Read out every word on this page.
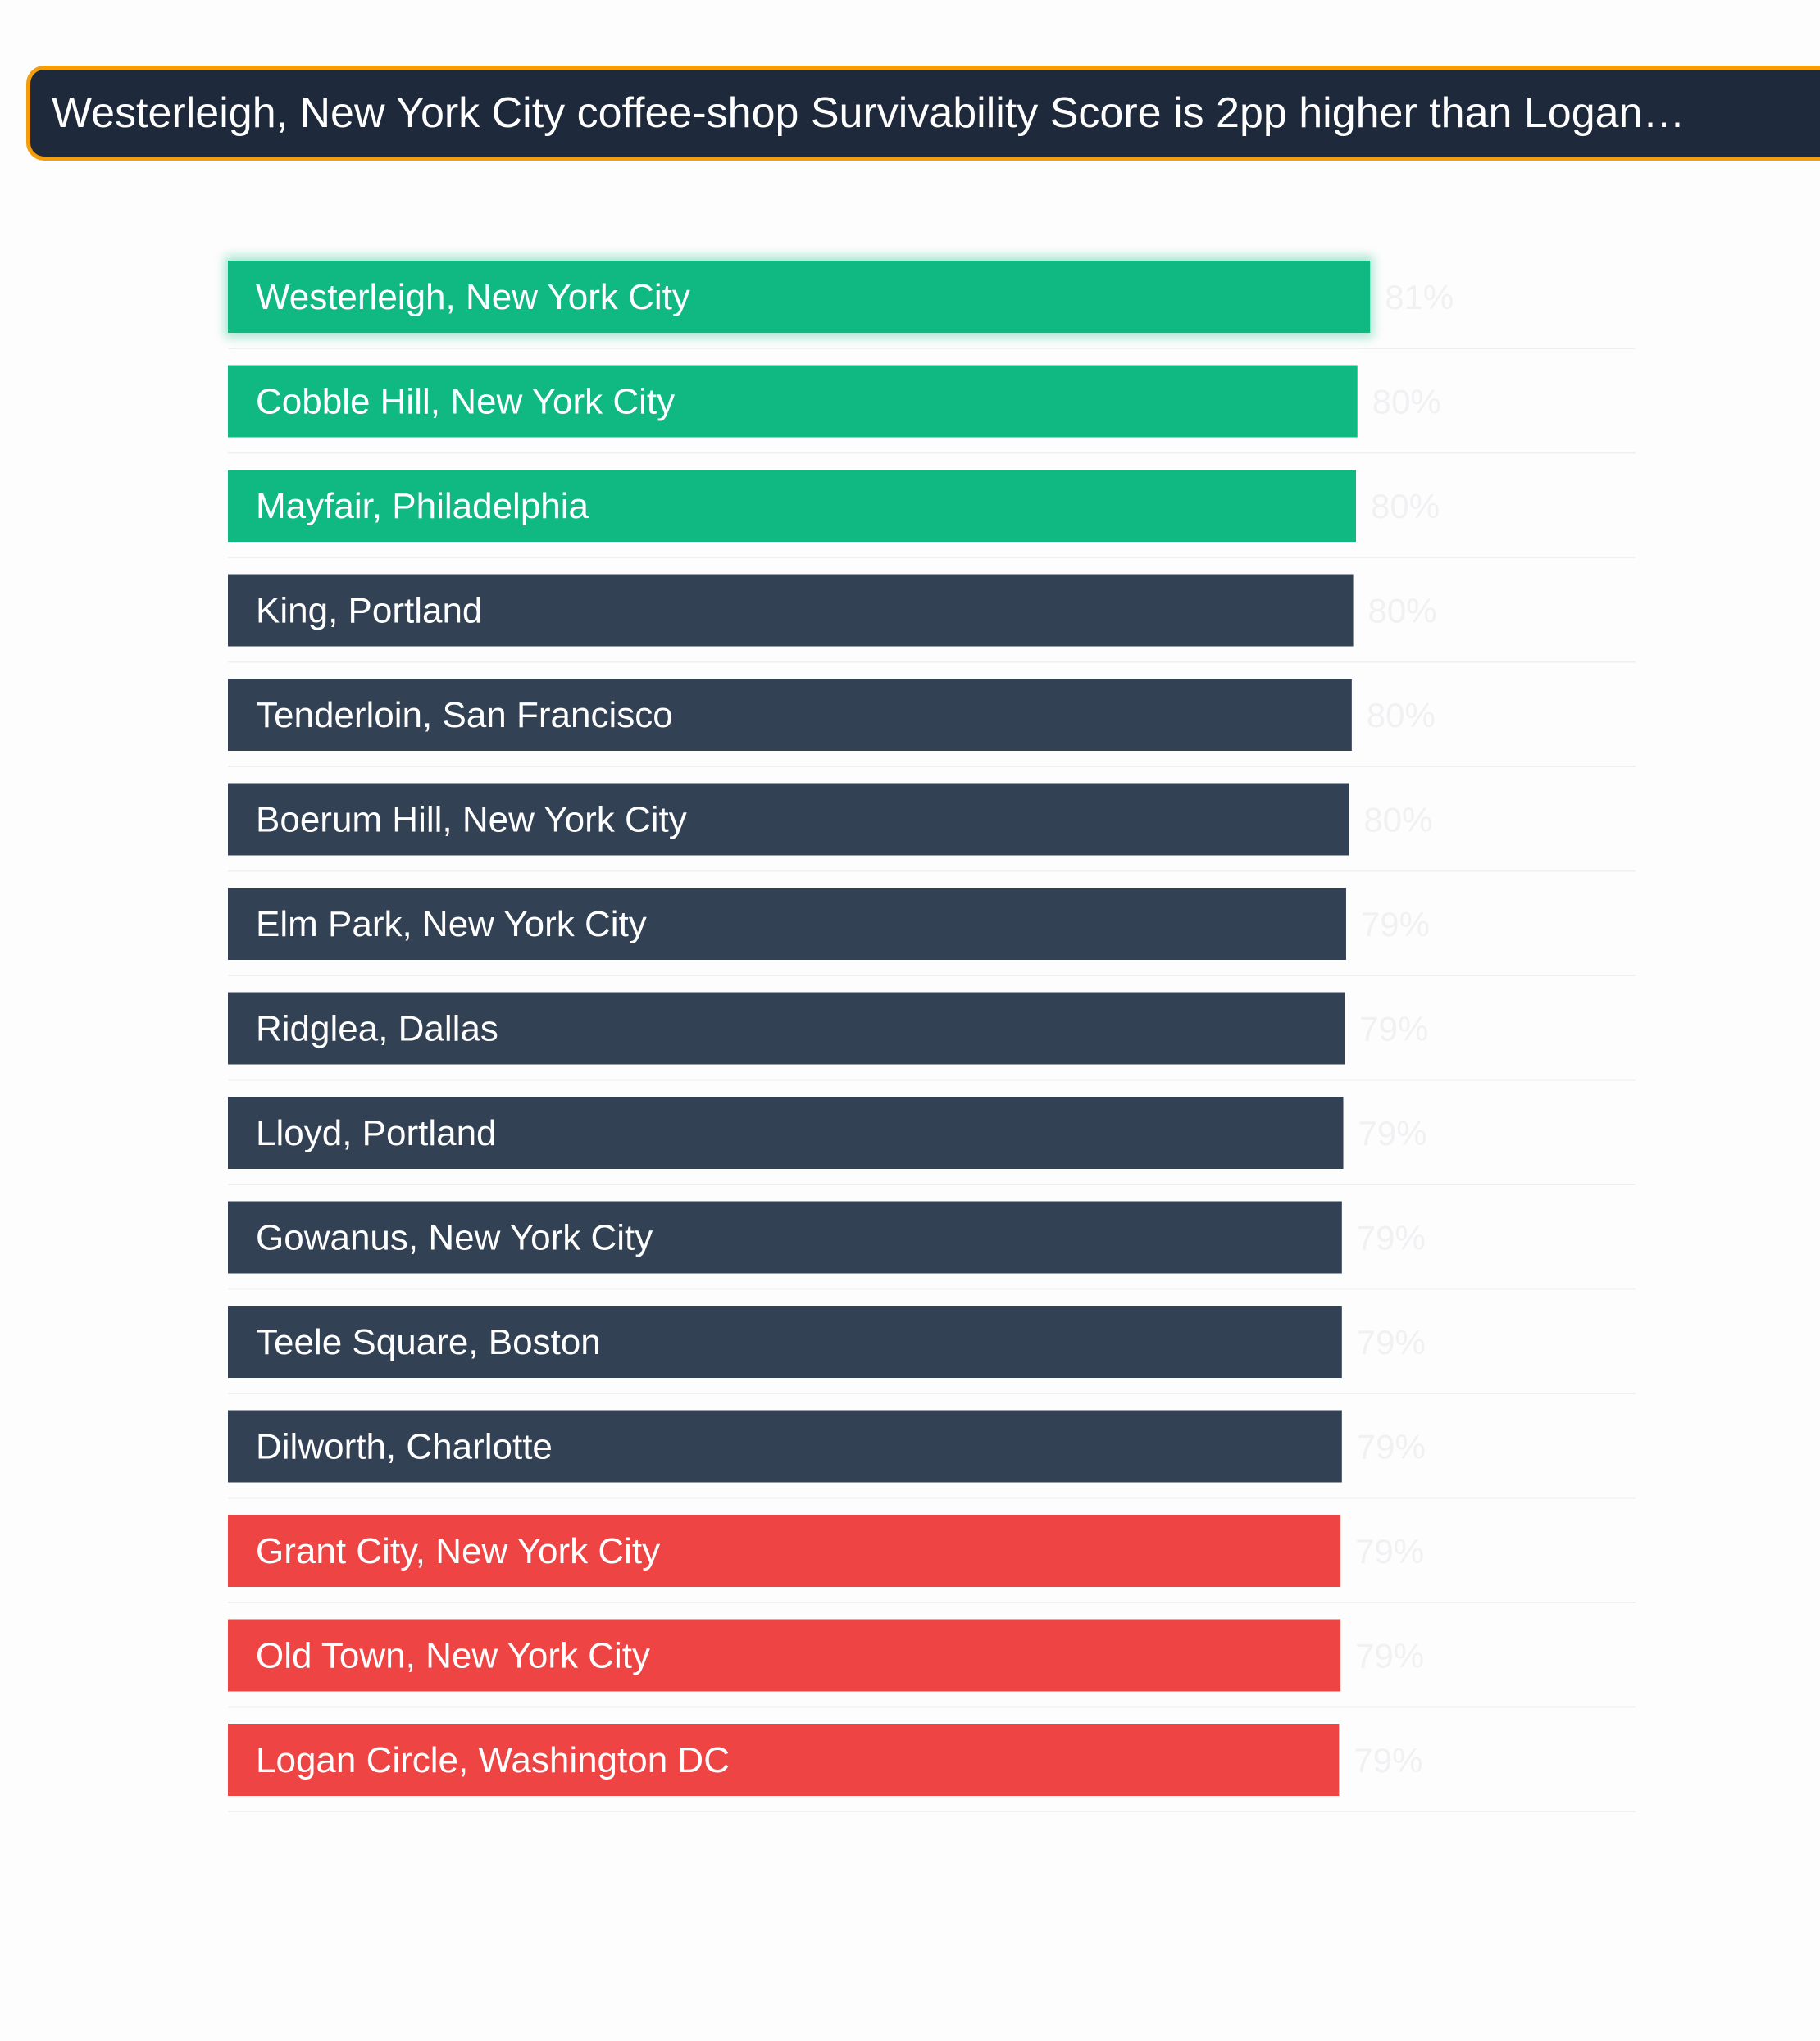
Westerleigh, New York City coffee-shop Survivability Score is 2pp higher than Logan…
Westerleigh, New York City	81%
Cobble Hill, New York City	80%
Mayfair, Philadelphia	80%
King, Portland	80%
Tenderloin, San Francisco	80%
Boerum Hill, New York City	80%
Elm Park, New York City	79%
Ridglea, Dallas	79%
Lloyd, Portland	79%
Gowanus, New York City	79%
Teele Square, Boston	79%
Dilworth, Charlotte	79%
Grant City, New York City	79%
Old Town, New York City	79%
Logan Circle, Washington DC	79%
